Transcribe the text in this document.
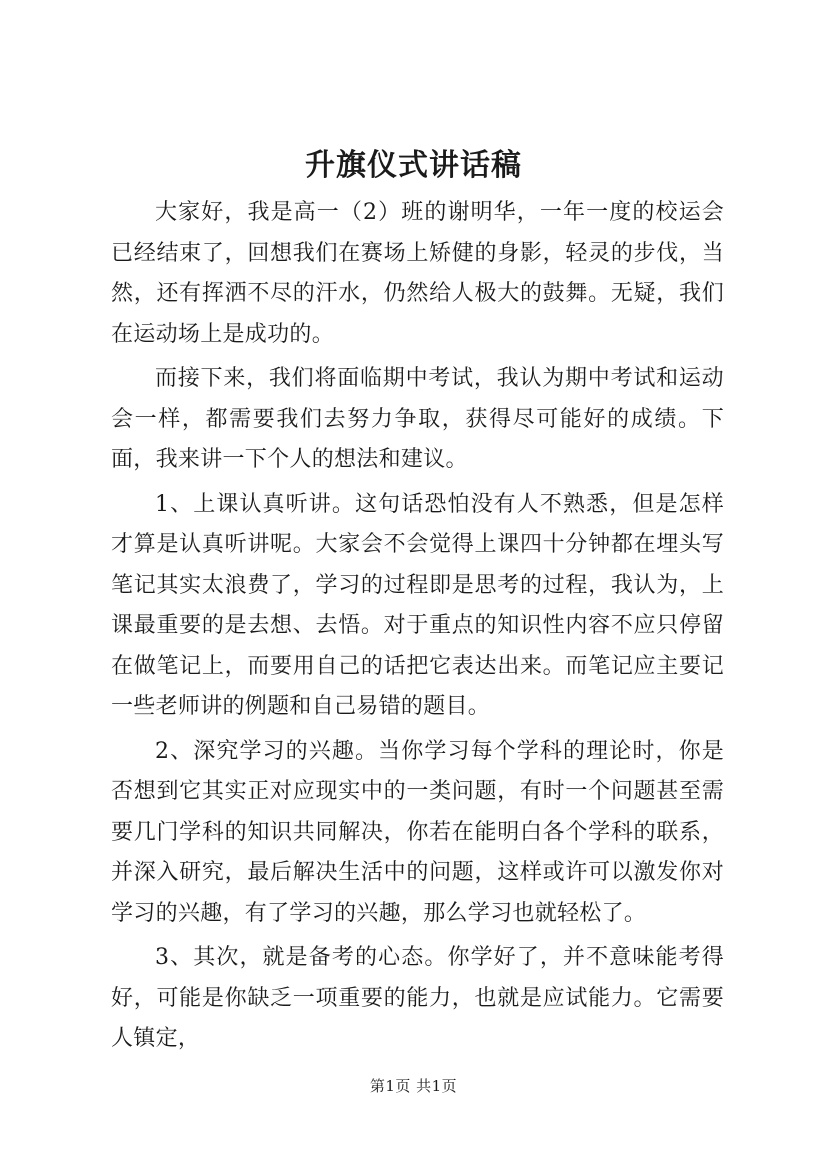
升旗仪式讲话稿

大家好，我是高一（2）班的谢明华，一年一度的校运会已经结束了，回想我们在赛场上矫健的身影，轻灵的步伐，当然，还有挥洒不尽的汗水，仍然给人极大的鼓舞。无疑，我们在运动场上是成功的。

而接下来，我们将面临期中考试，我认为期中考试和运动会一样，都需要我们去努力争取，获得尽可能好的成绩。下面，我来讲一下个人的想法和建议。

1、上课认真听讲。这句话恐怕没有人不熟悉，但是怎样才算是认真听讲呢。大家会不会觉得上课四十分钟都在埋头写笔记其实太浪费了，学习的过程即是思考的过程，我认为，上课最重要的是去想、去悟。对于重点的知识性内容不应只停留在做笔记上，而要用自己的话把它表达出来。而笔记应主要记一些老师讲的例题和自己易错的题目。

2、深究学习的兴趣。当你学习每个学科的理论时，你是否想到它其实正对应现实中的一类问题，有时一个问题甚至需要几门学科的知识共同解决，你若在能明白各个学科的联系，并深入研究，最后解决生活中的问题，这样或许可以激发你对学习的兴趣，有了学习的兴趣，那么学习也就轻松了。

3、其次，就是备考的心态。你学好了，并不意味能考得好，可能是你缺乏一项重要的能力，也就是应试能力。它需要人镇定，

第1页 共1页
